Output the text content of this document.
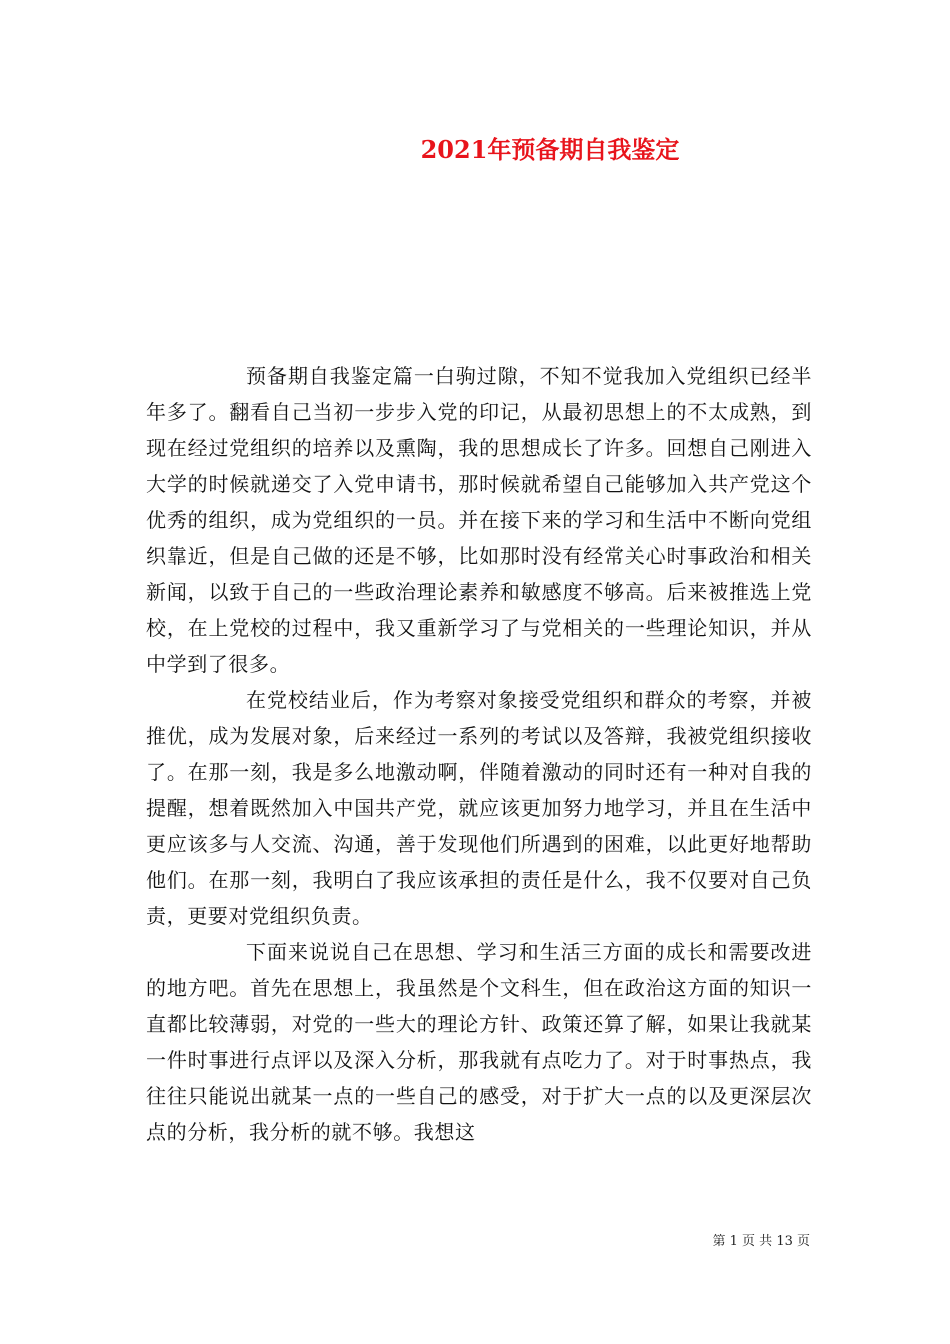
2021年预备期自我鉴定

预备期自我鉴定篇一白驹过隙，不知不觉我加入党组织已经半年多了。翻看自己当初一步步入党的印记，从最初思想上的不太成熟，到现在经过党组织的培养以及熏陶，我的思想成长了许多。回想自己刚进入大学的时候就递交了入党申请书，那时候就希望自己能够加入共产党这个优秀的组织，成为党组织的一员。并在接下来的学习和生活中不断向党组织靠近，但是自己做的还是不够，比如那时没有经常关心时事政治和相关新闻，以致于自己的一些政治理论素养和敏感度不够高。后来被推选上党校，在上党校的过程中，我又重新学习了与党相关的一些理论知识，并从中学到了很多。

在党校结业后，作为考察对象接受党组织和群众的考察，并被推优，成为发展对象，后来经过一系列的考试以及答辩，我被党组织接收了。在那一刻，我是多么地激动啊，伴随着激动的同时还有一种对自我的提醒，想着既然加入中国共产党，就应该更加努力地学习，并且在生活中更应该多与人交流、沟通，善于发现他们所遇到的困难，以此更好地帮助他们。在那一刻，我明白了我应该承担的责任是什么，我不仅要对自己负责，更要对党组织负责。

下面来说说自己在思想、学习和生活三方面的成长和需要改进的地方吧。首先在思想上，我虽然是个文科生，但在政治这方面的知识一直都比较薄弱，对党的一些大的理论方针、政策还算了解，如果让我就某一件时事进行点评以及深入分析，那我就有点吃力了。对于时事热点，我往往只能说出就某一点的一些自己的感受，对于扩大一点的以及更深层次点的分析，我分析的就不够。我想这

第 1 页 共 13 页
